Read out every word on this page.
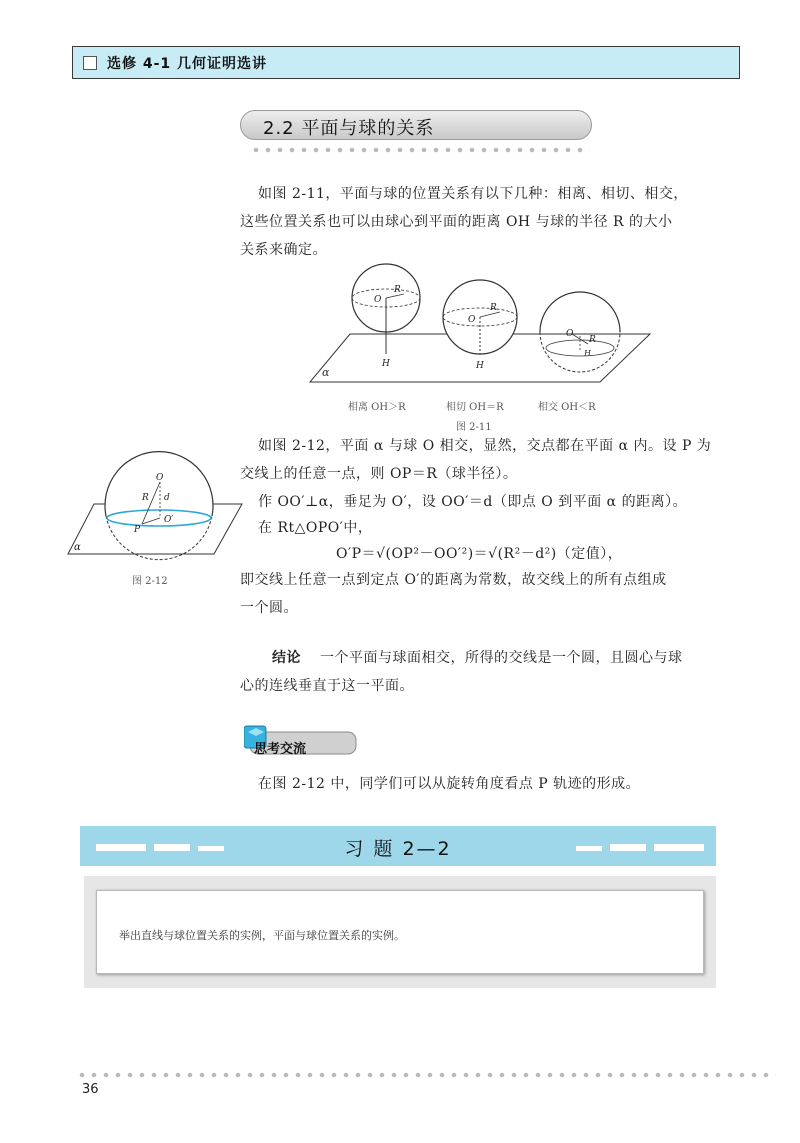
选修 4-1 几何证明选讲
2.2 平面与球的关系
如图 2-11，平面与球的位置关系有以下几种：相离、相切、相交，
这些位置关系也可以由球心到平面的距离 OH 与球的半径 R 的大小
关系来确定。
α
O
R
H
O
R
H
O
R
H
相离 OH＞R	相切 OH＝R	相交 OH＜R
图 2-11
O
R d
O′
P
α
图 2-12
如图 2-12，平面 α 与球 O 相交，显然，交点都在平面 α 内。设 P 为
交线上的任意一点，则 OP＝R（球半径）。
作 OO′⊥α，垂足为 O′，设 OO′＝d（即点 O 到平面 α 的距离）。
在 Rt△OPO′中，
O′P＝√(OP²－OO′²)＝√(R²－d²)（定值），
即交线上任意一点到定点 O′的距离为常数，故交线上的所有点组成
一个圆。
结论 一个平面与球面相交，所得的交线是一个圆，且圆心与球
心的连线垂直于这一平面。
思考交流
在图 2-12 中，同学们可以从旋转角度看点 P 轨迹的形成。
习 题 2—2
举出直线与球位置关系的实例，平面与球位置关系的实例。
36
